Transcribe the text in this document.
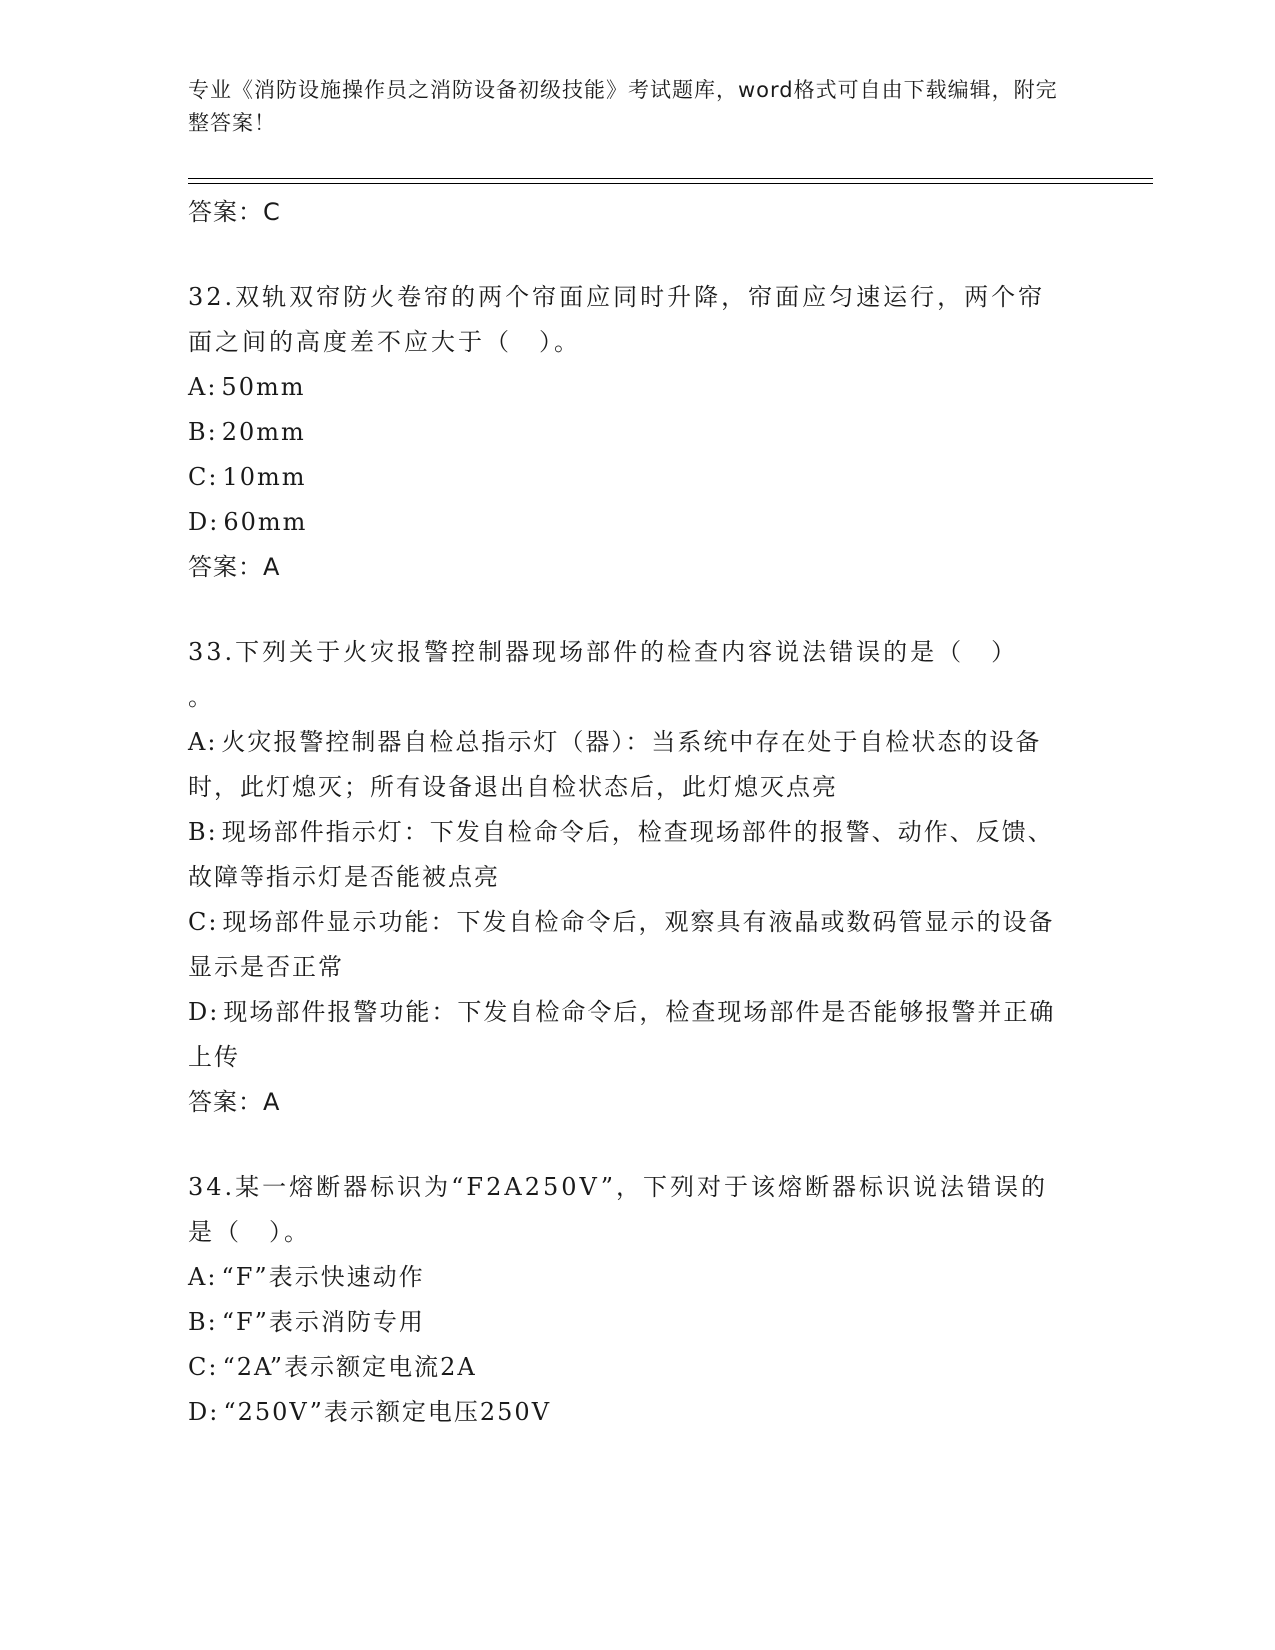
专业《消防设施操作员之消防设备初级技能》考试题库，word格式可自由下载编辑，附完整答案！
答案：C
32.双轨双帘防火卷帘的两个帘面应同时升降，帘面应匀速运行，两个帘面之间的高度差不应大于（　）。
A: 50mm
B: 20mm
C: 10mm
D: 60mm
答案：A
33.下列关于火灾报警控制器现场部件的检查内容说法错误的是（　）
。
A: 火灾报警控制器自检总指示灯（器）：当系统中存在处于自检状态的设备时，此灯熄灭；所有设备退出自检状态后，此灯熄灭点亮
B: 现场部件指示灯：下发自检命令后，检查现场部件的报警、动作、反馈、故障等指示灯是否能被点亮
C: 现场部件显示功能：下发自检命令后，观察具有液晶或数码管显示的设备显示是否正常
D: 现场部件报警功能：下发自检命令后，检查现场部件是否能够报警并正确上传
答案：A
34.某一熔断器标识为“F2A250V”，下列对于该熔断器标识说法错误的是（　）。
A: “F”表示快速动作
B: “F”表示消防专用
C: “2A”表示额定电流2A
D: “250V”表示额定电压250V
